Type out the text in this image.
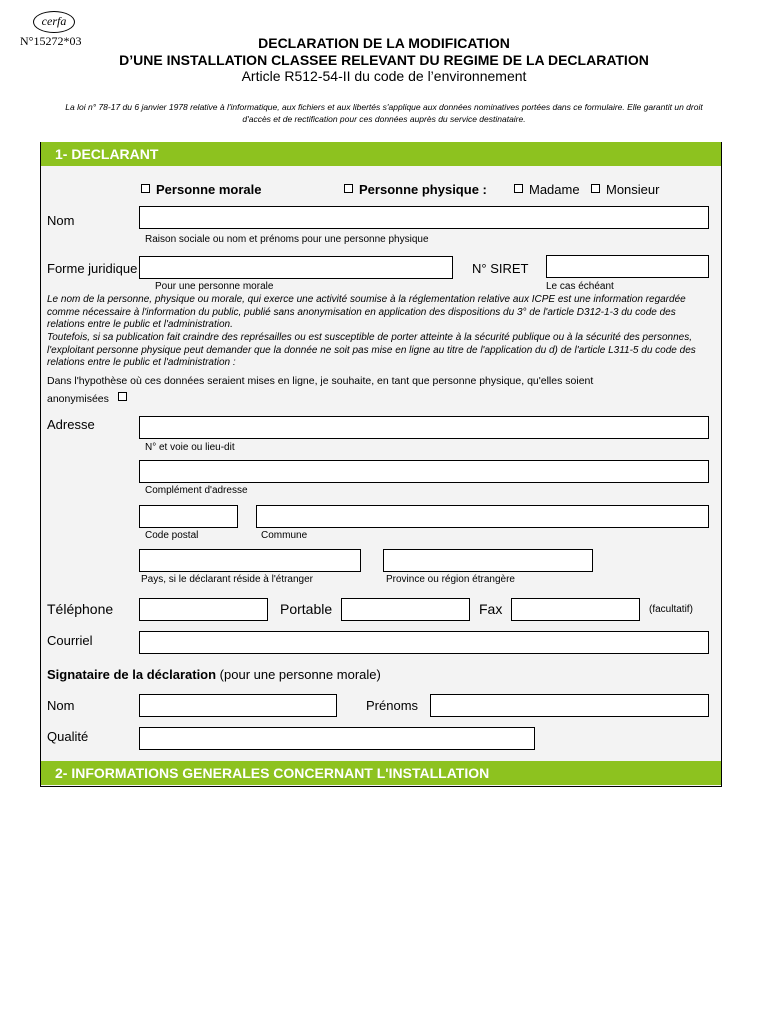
cerfa
N°15272*03	DECLARATION DE LA MODIFICATION
D’UNE INSTALLATION CLASSEE RELEVANT DU REGIME DE LA DECLARATION
Article R512-54-II du code de l’environnement
La loi n° 78-17 du 6 janvier 1978 relative à l'informatique, aux fichiers et aux libertés s'applique aux données nominatives portées dans ce formulaire. Elle garantit un droit d'accès et de rectification pour ces données auprès du service destinataire.
1- DECLARANT
Personne morale	Personne physique :	Madame	Monsieur
Nom
Raison sociale ou nom et prénoms pour une personne physique
Forme juridique
Pour une personne morale
N° SIRET
Le cas échéant
Le nom de la personne, physique ou morale, qui exerce une activité soumise à la réglementation relative aux ICPE est une information regardée comme nécessaire à l'information du public, publié sans anonymisation en application des dispositions du 3° de l'article D312-1-3 du code des relations entre le public et l'administration.
Toutefois, si sa publication fait craindre des représailles ou est susceptible de porter atteinte à la sécurité publique ou à la sécurité des personnes, l'exploitant personne physique peut demander que la donnée ne soit pas mise en ligne au titre de l'application du d) de l'article L311-5 du code des relations entre le public et l'administration :
Dans l'hypothèse où ces données seraient mises en ligne, je souhaite, en tant que personne physique, qu'elles soient
anonymisées
Adresse
N° et voie ou lieu-dit
Complément d'adresse
Code postal	Commune
Pays, si le déclarant réside à l'étranger	Province ou région étrangère
Téléphone	Portable	Fax	(facultatif)
Courriel
Signataire de la déclaration (pour une personne morale)
Nom	Prénoms
Qualité
2- INFORMATIONS GENERALES CONCERNANT L'INSTALLATION
